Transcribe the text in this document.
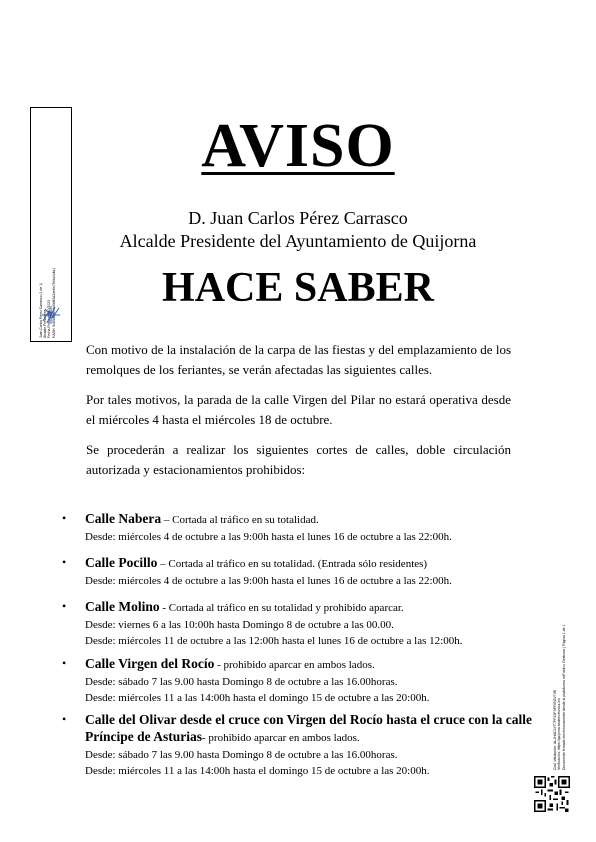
Juan Carlos Pérez Carrasco (1 de 1) Alcalde Presidente Fecha Firma: 03/10/2023 HASH: 9c83b8e6e4a5b9f1d2ae6c07b5a0c4d1
AVISO
D. Juan Carlos Pérez Carrasco
Alcalde Presidente del Ayuntamiento de Quijorna
HACE SABER
Con motivo de la instalación de la carpa de las fiestas y del emplazamiento de los remolques de los feriantes, se verán afectadas las siguientes calles.
Por tales motivos, la parada de la calle Virgen del Pilar no estará operativa desde el miércoles 4 hasta el miércoles 18 de octubre.
Se procederán a realizar los siguientes cortes de calles, doble circulación autorizada y estacionamientos prohibidos:
• Calle Nabera – Cortada al tráfico en su totalidad.
Desde: miércoles 4 de octubre a las 9:00h hasta el lunes 16 de octubre a las 22:00h.
• Calle Pocillo – Cortada al tráfico en su totalidad. (Entrada sólo residentes)
Desde: miércoles 4 de octubre a las 9:00h hasta el lunes 16 de octubre a las 22:00h.
• Calle Molino - Cortada al tráfico en su totalidad y prohibido aparcar.
Desde: viernes 6 a las 10:00h hasta Domingo 8 de octubre a las 00.00.
Desde: miércoles 11 de octubre a las 12:00h hasta el lunes 16 de octubre a las 12:00h.
• Calle Virgen del Rocío - prohibido aparcar en ambos lados.
Desde: sábado 7 las 9.00 hasta Domingo 8 de octubre a las 16.00horas.
Desde: miércoles 11 a las 14:00h hasta el domingo 15 de octubre a las 20:00h.
• Calle del Olivar desde el cruce con Virgen del Rocío hasta el cruce con la calle Príncipe de Asturias- prohibido aparcar en ambos lados.
Desde: sábado 7 las 9.00 hasta Domingo 8 de octubre a las 16.00horas.
Desde: miércoles 11 a las 14:00h hasta el domingo 15 de octubre a las 20:00h.
Cód. Validación: AL1HAC4YT7PP2JPXPRGGV7VE Verificación: https://quijorna.sedelectronica.es/ Documento firmado electrónicamente desde la plataforma esPublico Gestiona | Página 1 de 1
